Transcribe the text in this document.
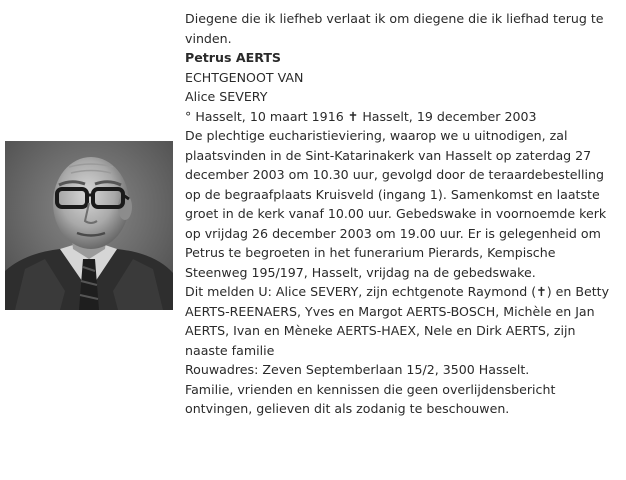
Diegene die ik liefheb verlaat ik om diegene die ik liefhad terug te vinden.

Petrus AERTS

ECHTGENOOT VAN

Alice SEVERY

° Hasselt, 10 maart 1916 ✝ Hasselt, 19 december 2003

De plechtige eucharistieviering, waarop we u uitnodigen, zal plaatsvinden in de Sint-Katarinakerk van Hasselt op zaterdag 27 december 2003 om 10.30 uur, gevolgd door de teraardebestelling op de begraafplaats Kruisveld (ingang 1). Samenkomst en laatste groet in de kerk vanaf 10.00 uur. Gebedswake in voornoemde kerk op vrijdag 26 december 2003 om 19.00 uur. Er is gelegenheid om Petrus te begroeten in het funerarium Pierards, Kempische Steenweg 195/197, Hasselt, vrijdag na de gebedswake.

Dit melden U: Alice SEVERY, zijn echtgenote Raymond (✝) en Betty AERTS-REENAERS, Yves en Margot AERTS-BOSCH, Michèle en Jan AERTS, Ivan en Mèneke AERTS-HAEX, Nele en Dirk AERTS, zijn naaste familie

Rouwadres: Zeven Septemberlaan 15/2, 3500 Hasselt.

Familie, vrienden en kennissen die geen overlijdensbericht ontvingen, gelieven dit als zodanig te beschouwen.
